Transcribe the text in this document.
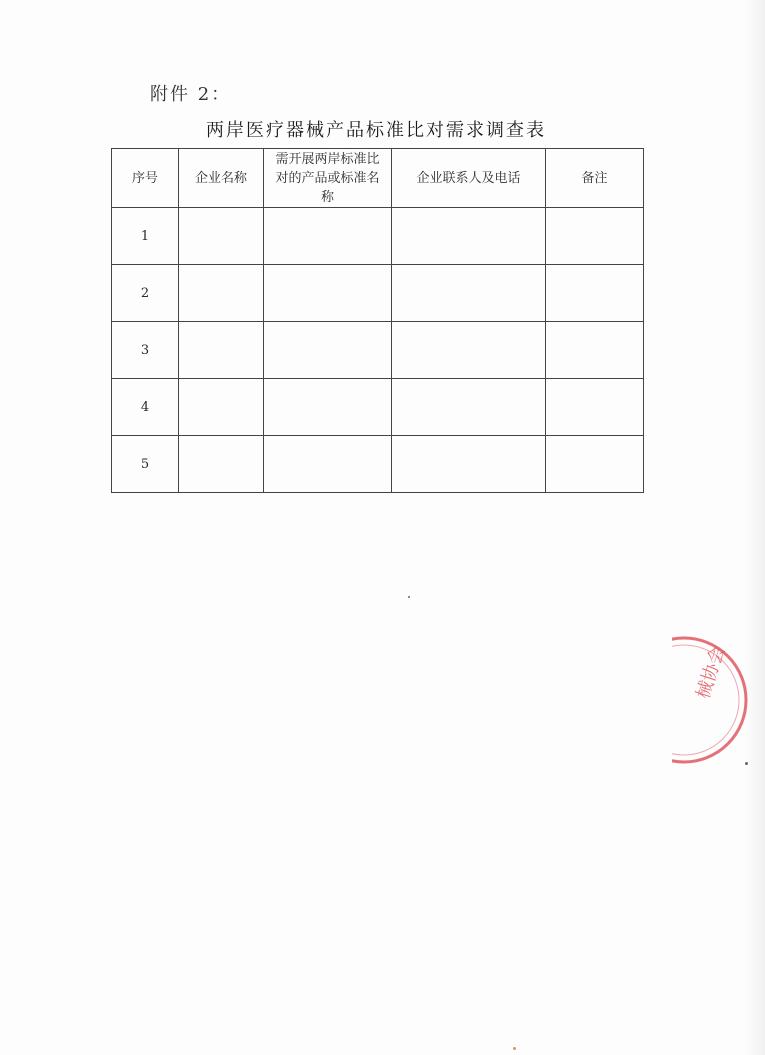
附件 2：
两岸医疗器械产品标准比对需求调查表
序号	企业名称	需开展两岸标准比对的产品或标准名称	企业联系人及电话	备注
1				
2				
3				
4				
5				
械协会
